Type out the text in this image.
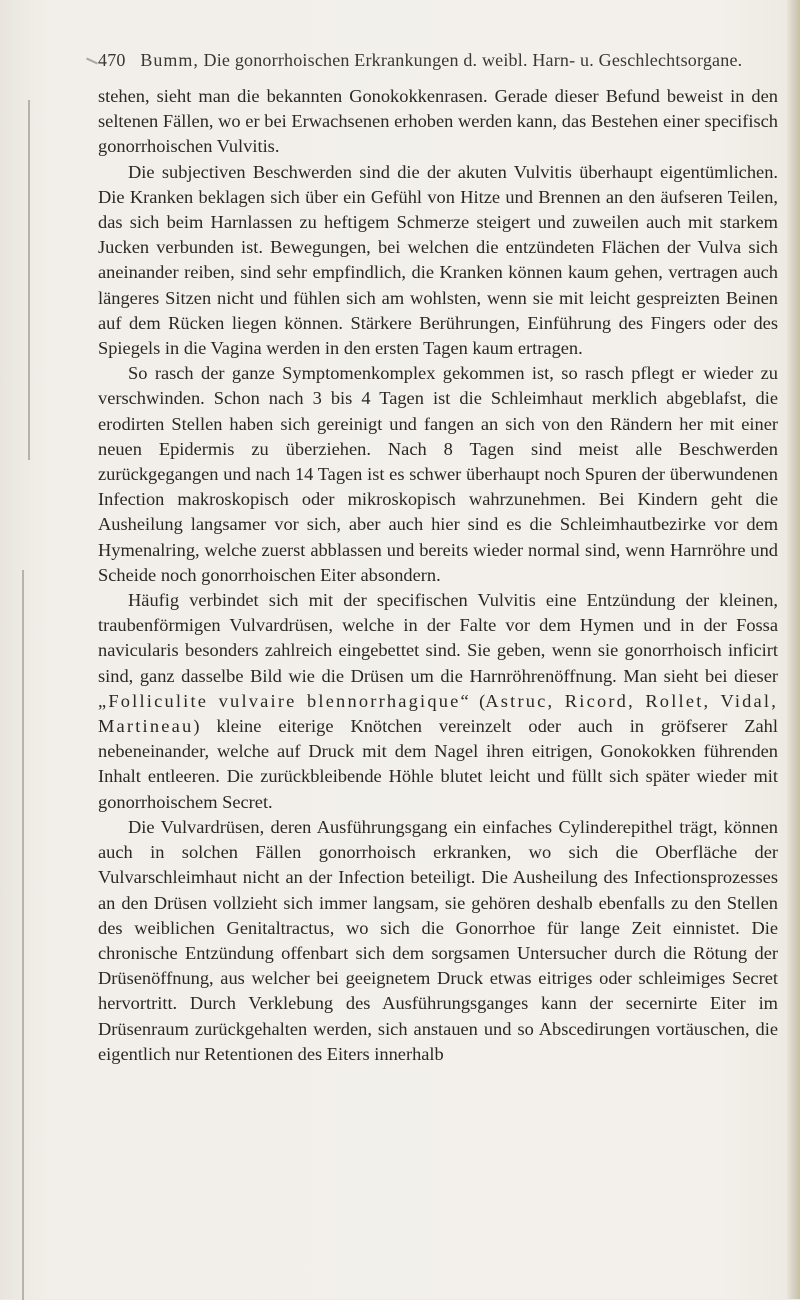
470 Bumm, Die gonorrhoischen Erkrankungen d. weibl. Harn- u. Geschlechtsorgane.

stehen, sieht man die bekannten Gonokokkenrasen. Gerade dieser Befund beweist in den seltenen Fällen, wo er bei Erwachsenen erhoben werden kann, das Bestehen einer specifisch gonorrhoischen Vulvitis.

Die subjectiven Beschwerden sind die der akuten Vulvitis überhaupt eigentümlichen. Die Kranken beklagen sich über ein Gefühl von Hitze und Brennen an den äufseren Teilen, das sich beim Harnlassen zu heftigem Schmerze steigert und zuweilen auch mit starkem Jucken verbunden ist. Bewegungen, bei welchen die entzündeten Flächen der Vulva sich aneinander reiben, sind sehr empfindlich, die Kranken können kaum gehen, vertragen auch längeres Sitzen nicht und fühlen sich am wohlsten, wenn sie mit leicht gespreizten Beinen auf dem Rücken liegen können. Stärkere Berührungen, Einführung des Fingers oder des Spiegels in die Vagina werden in den ersten Tagen kaum ertragen.

So rasch der ganze Symptomenkomplex gekommen ist, so rasch pflegt er wieder zu verschwinden. Schon nach 3 bis 4 Tagen ist die Schleimhaut merklich abgeblafst, die erodirten Stellen haben sich gereinigt und fangen an sich von den Rändern her mit einer neuen Epidermis zu überziehen. Nach 8 Tagen sind meist alle Beschwerden zurückgegangen und nach 14 Tagen ist es schwer überhaupt noch Spuren der überwundenen Infection makroskopisch oder mikroskopisch wahrzunehmen. Bei Kindern geht die Ausheilung langsamer vor sich, aber auch hier sind es die Schleimhautbezirke vor dem Hymenalring, welche zuerst abblassen und bereits wieder normal sind, wenn Harnröhre und Scheide noch gonorrhoischen Eiter absondern.

Häufig verbindet sich mit der specifischen Vulvitis eine Entzündung der kleinen, traubenförmigen Vulvardrüsen, welche in der Falte vor dem Hymen und in der Fossa navicularis besonders zahlreich eingebettet sind. Sie geben, wenn sie gonorrhoisch inficirt sind, ganz dasselbe Bild wie die Drüsen um die Harnröhrenöffnung. Man sieht bei dieser „Folliculite vulvaire blennorrhagique“ (Astruc, Ricord, Rollet, Vidal, Martineau) kleine eiterige Knötchen vereinzelt oder auch in gröfserer Zahl nebeneinander, welche auf Druck mit dem Nagel ihren eitrigen, Gonokokken führenden Inhalt entleeren. Die zurückbleibende Höhle blutet leicht und füllt sich später wieder mit gonorrhoischem Secret.

Die Vulvardrüsen, deren Ausführungsgang ein einfaches Cylinderepithel trägt, können auch in solchen Fällen gonorrhoisch erkranken, wo sich die Oberfläche der Vulvarschleimhaut nicht an der Infection beteiligt. Die Ausheilung des Infectionsprozesses an den Drüsen vollzieht sich immer langsam, sie gehören deshalb ebenfalls zu den Stellen des weiblichen Genitaltractus, wo sich die Gonorrhoe für lange Zeit einnistet. Die chronische Entzündung offenbart sich dem sorgsamen Untersucher durch die Rötung der Drüsenöffnung, aus welcher bei geeignetem Druck etwas eitriges oder schleimiges Secret hervortritt. Durch Verklebung des Ausführungsganges kann der secernirte Eiter im Drüsenraum zurückgehalten werden, sich anstauen und so Abscedirungen vortäuschen, die eigentlich nur Retentionen des Eiters innerhalb
